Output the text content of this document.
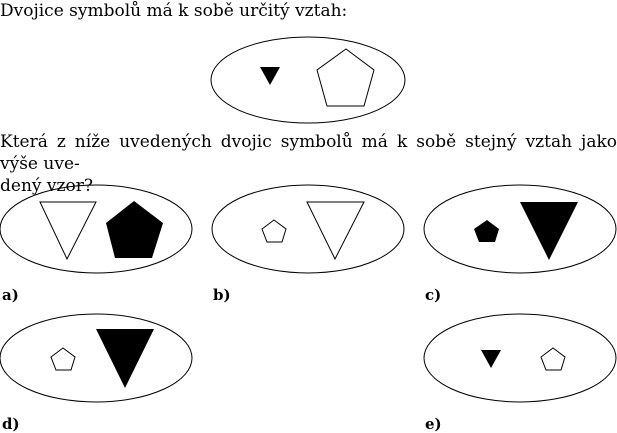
Dvojice symbolů má k sobě určitý vztah:
Která z níže uvedených dvojic symbolů má k sobě stejný vztah jako výše uve-
dený vzor?
a)	b)	c)
d)	e)
